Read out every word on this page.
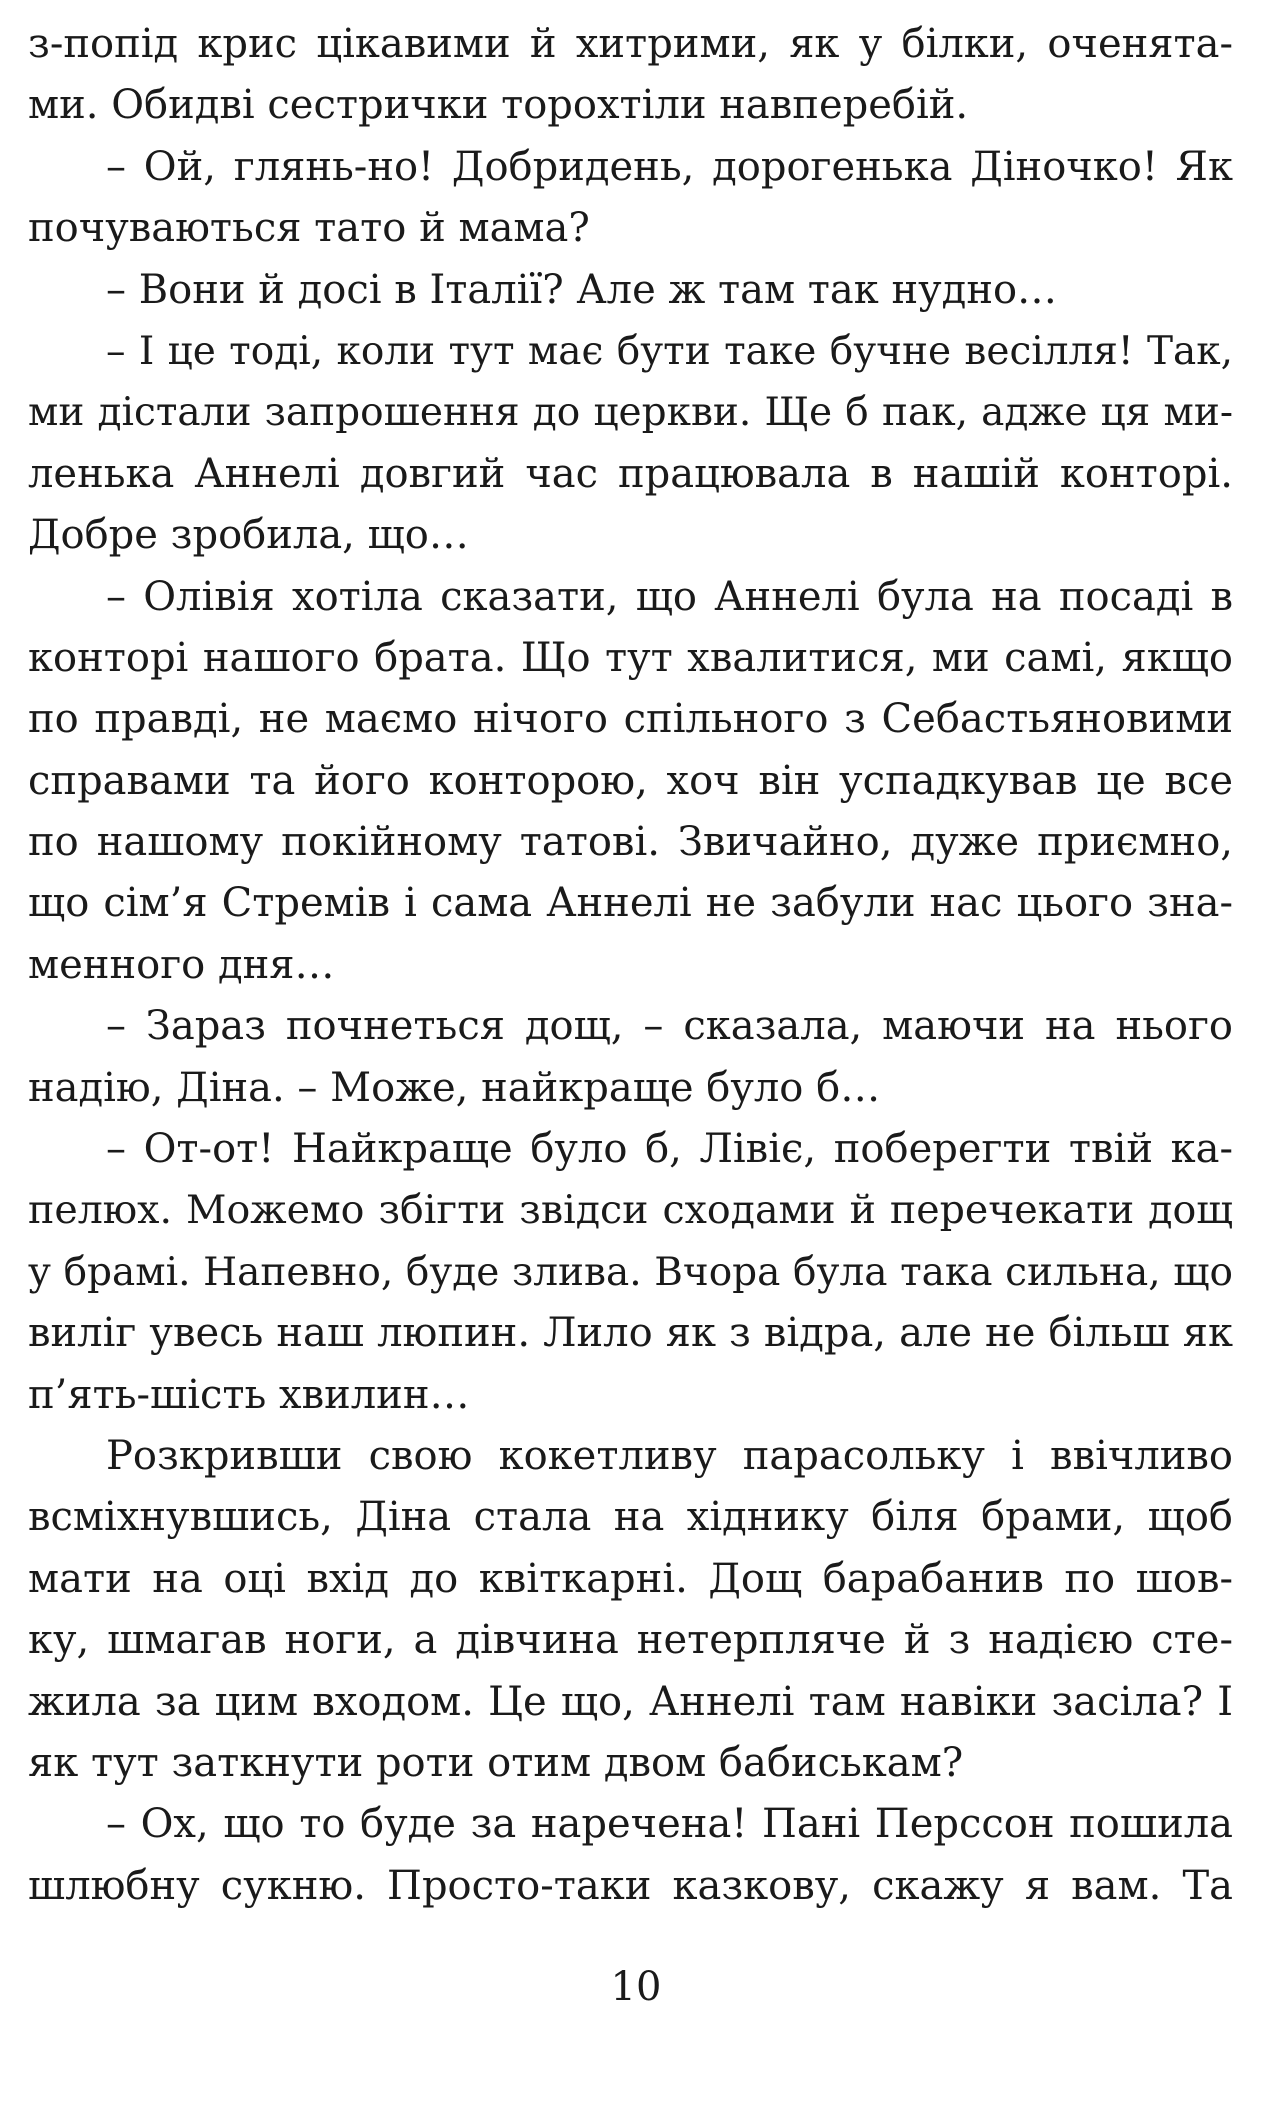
з-попід крис цікавими й хитрими, як у білки, оченята-
ми. Обидві сестрички торохтіли навперебій.
– Ой, глянь-но! Добридень, дорогенька Діночко! Як
почуваються тато й мама?
– Вони й досі в Італії? Але ж там так нудно…
– І це тоді, коли тут має бути таке бучне весілля! Так,
ми дістали запрошення до церкви. Ще б пак, адже ця ми-
ленька Аннелі довгий час працювала в нашій конторі.
Добре зробила, що…
– Олівія хотіла сказати, що Аннелі була на посаді в
конторі нашого брата. Що тут хвалитися, ми самі, якщо
по правді, не маємо нічого спільного з Себастьяновими
справами та його конторою, хоч він успадкував це все
по нашому покійному татові. Звичайно, дуже приємно,
що сім’я Стремів і сама Аннелі не забули нас цього зна-
менного дня…
– Зараз почнеться дощ, – сказала, маючи на нього
надію, Діна. – Може, найкраще було б…
– От-от! Найкраще було б, Лівіє, поберегти твій ка-
пелюх. Можемо збігти звідси сходами й перечекати дощ
у брамі. Напевно, буде злива. Вчора була така сильна, що
виліг увесь наш люпин. Лило як з відра, але не більш як
п’ять-шість хвилин…
Розкривши свою кокетливу парасольку і ввічливо
всміхнувшись, Діна стала на хіднику біля брами, щоб
мати на оці вхід до квіткарні. Дощ барабанив по шов-
ку, шмагав ноги, а дівчина нетерпляче й з надією сте-
жила за цим входом. Це що, Аннелі там навіки засіла? І
як тут заткнути роти отим двом бабиськам?
– Ох, що то буде за наречена! Пані Перссон пошила
шлюбну сукню. Просто-таки казкову, скажу я вам. Та
10
